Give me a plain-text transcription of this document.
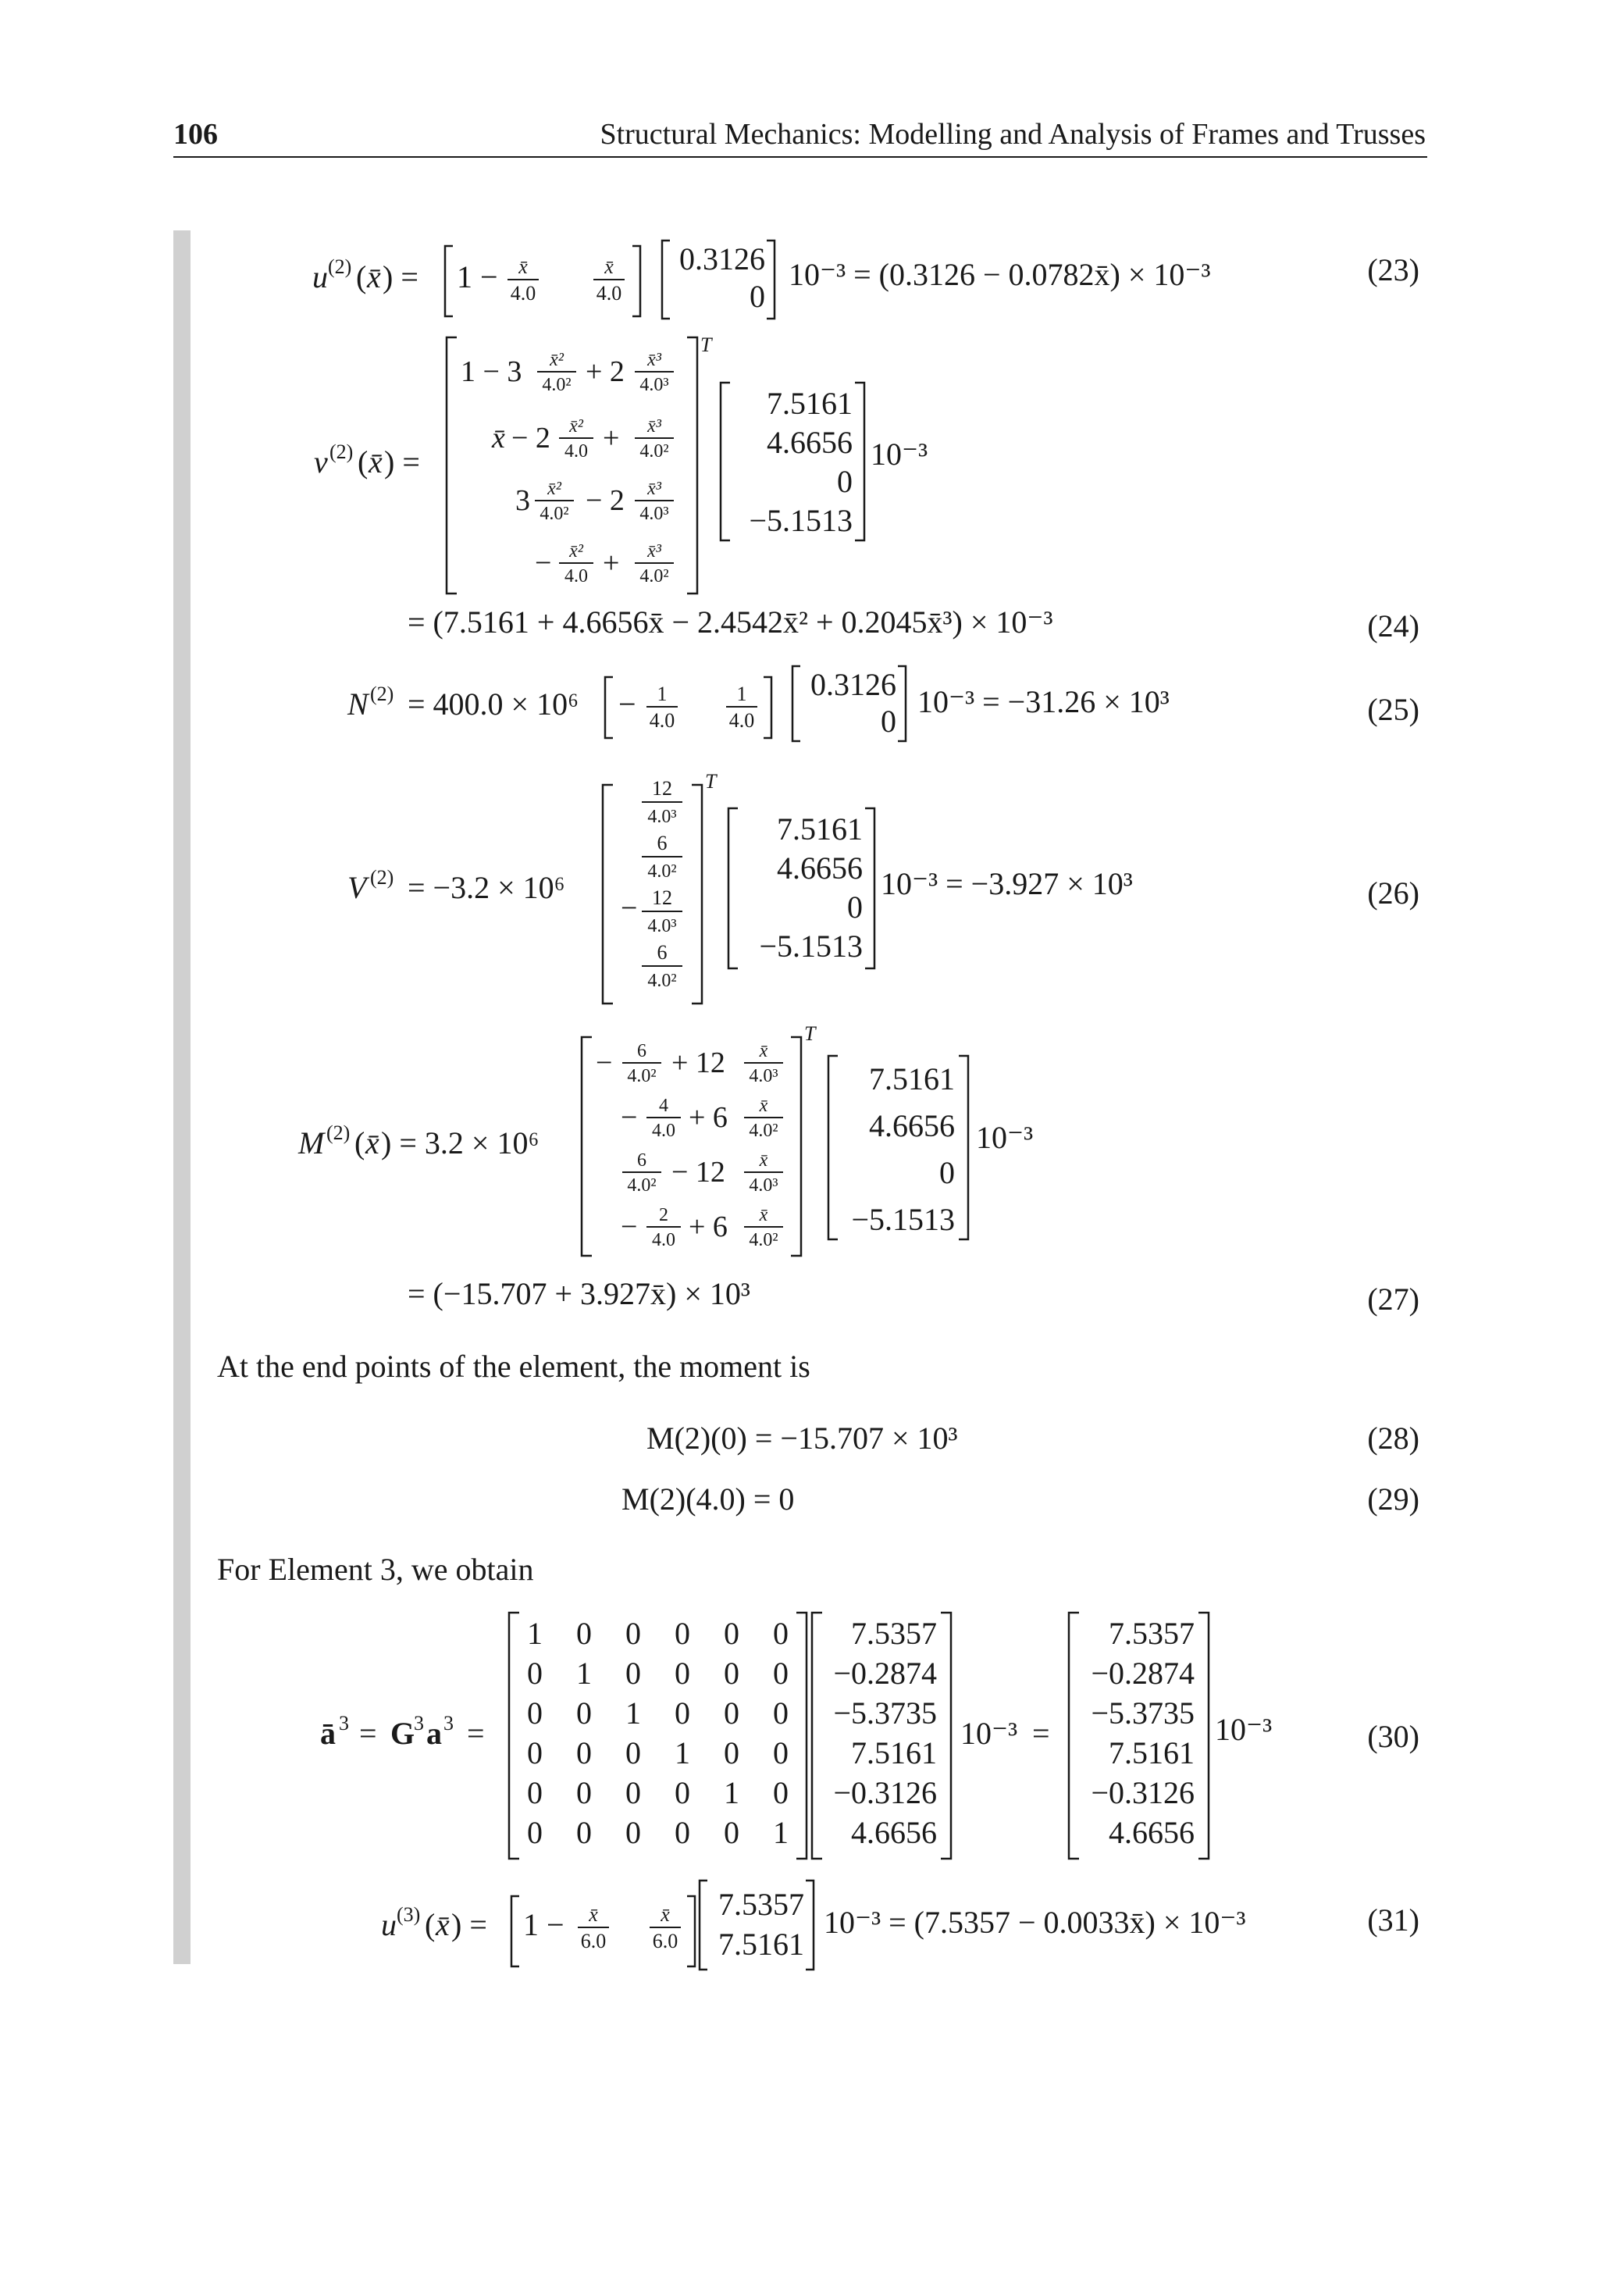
106	Structural Mechanics: Modelling and Analysis of Frames and Trusses
u (2) ( x̄ ) = 1 − x̄
4.0
x̄
4.0
0.3126
0
10⁻³ = (0.3126 − 0.0782x̄) × 10⁻³	(23)
v (2) ( x̄ ) =
1 − 3 x̄²
4.0² + 2 x̄³
4.0³
x̄ − 2 x̄²
4.0 + x̄³
4.0²
3 x̄²
4.0² − 2 x̄³
4.0³
− x̄²
4.0 + x̄³
4.0²
T
7.5161
4.6656
0
−5.1513
10⁻³
= (7.5161 + 4.6656x̄ − 2.4542x̄² + 0.2045x̄³) × 10⁻³	(24)
N (2) = 400.0 × 10⁶ − 1
4.0
1
4.0
0.3126
0
10⁻³ = −31.26 × 10³	(25)
V (2) = −3.2 × 10⁶
12
4.0³
6
4.0²
− 12
4.0³
6
4.0²
T
7.5161
4.6656
0
−5.1513
10⁻³ = −3.927 × 10³	(26)
M (2) ( x̄ ) = 3.2 × 10⁶
− 6
4.0² + 12 x̄
4.0³
− 4
4.0 + 6 x̄
4.0²
6
4.0² − 12 x̄
4.0³
− 2
4.0 + 6 x̄
4.0²
T
7.5161
4.6656
0
−5.1513
10⁻³
= (−15.707 + 3.927x̄) × 10³	(27)
At the end points of the element, the moment is
M(2)(0) = −15.707 × 10³	(28)
M(2)(4.0) = 0	(29)
For Element 3, we obtain
ā 3 = G
3 a 3 =
1 0 0 0 0 0
0 1 0 0 0 0
0 0 1 0 0 0
0 0 0 1 0 0
0 0 0 0 1 0
0 0 0 0 0 1
7.5357
−0.2874
−5.3735
7.5161
−0.3126
4.6656
10⁻³ =
7.5357
−0.2874
−5.3735
7.5161
−0.3126
4.6656
10⁻³	(30)
u (3) ( x̄ ) = 1 − x̄
6.0
x̄
6.0
7.5357
7.5161
10⁻³ = (7.5357 − 0.0033x̄) × 10⁻³	(31)
